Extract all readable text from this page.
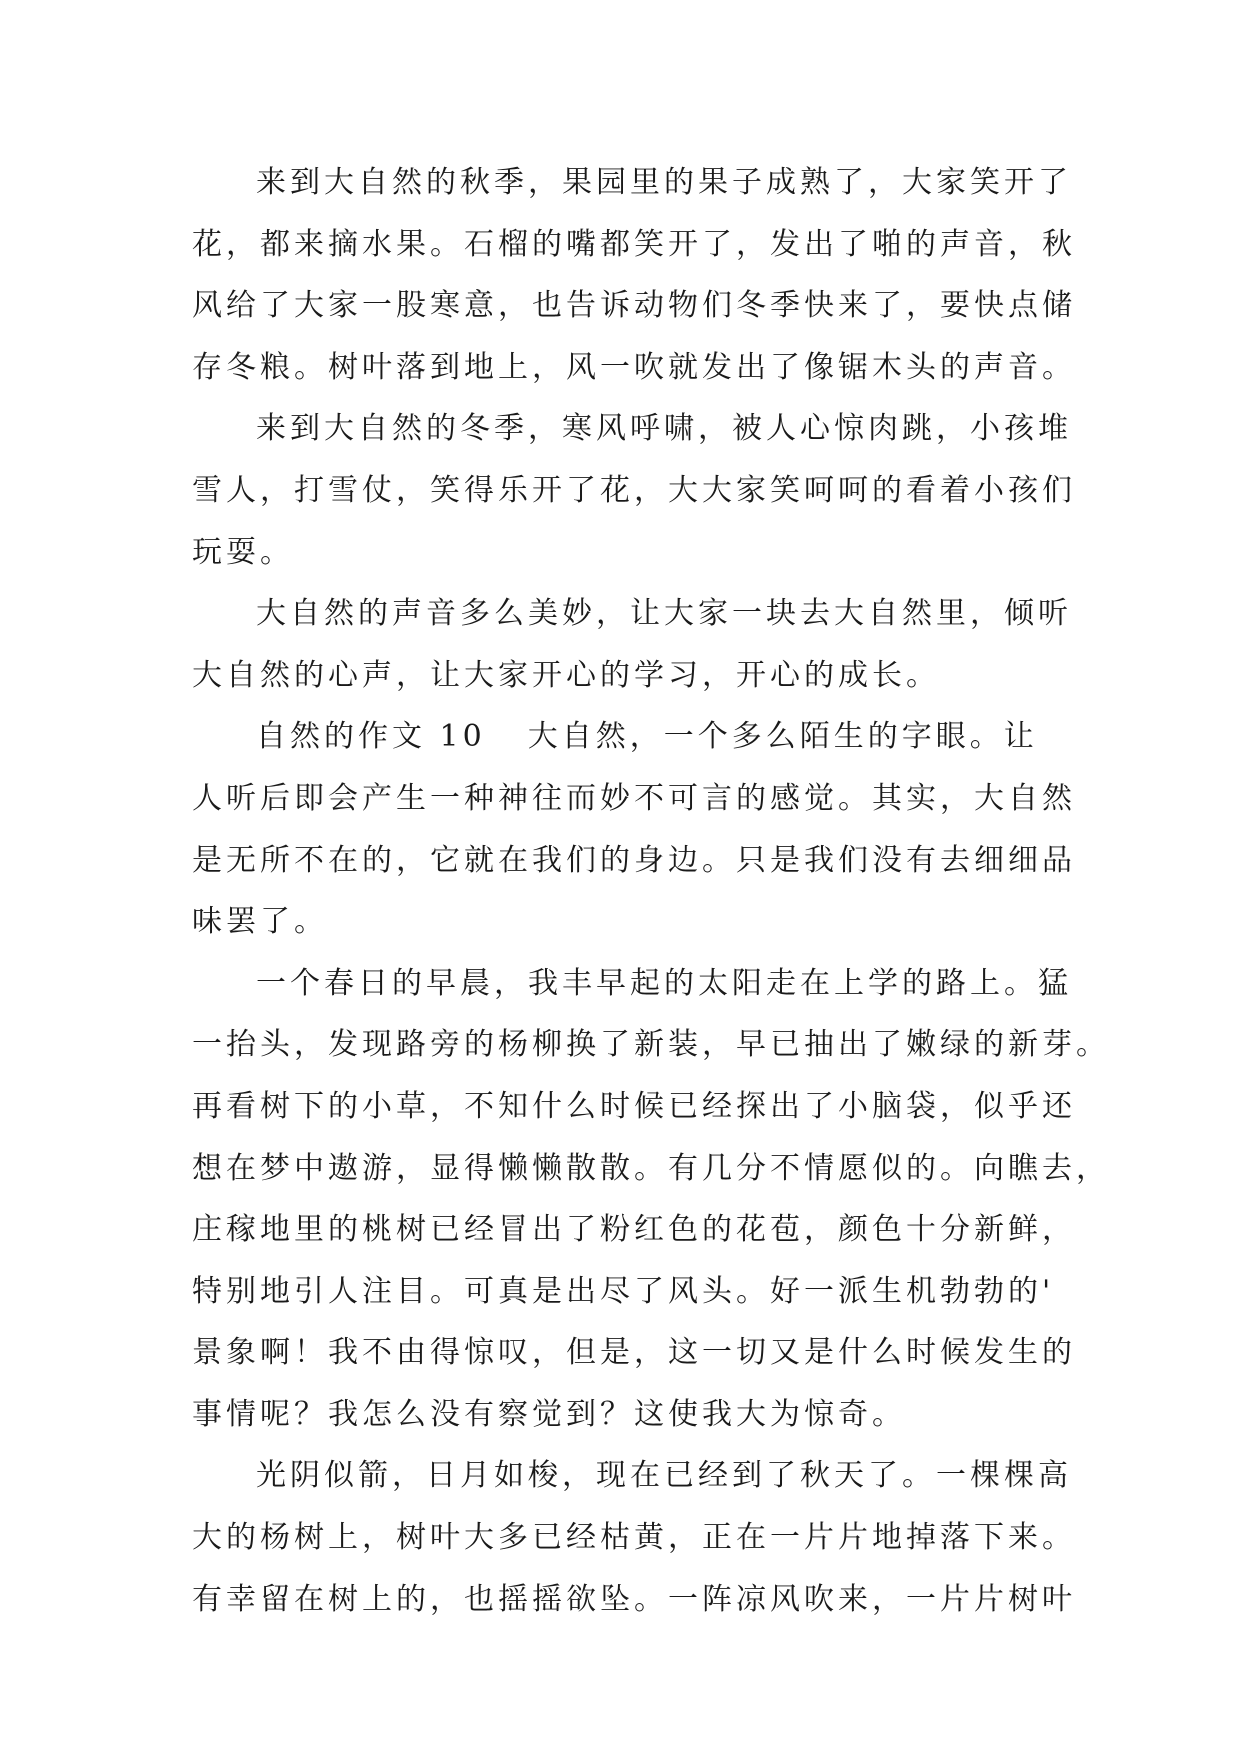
来到大自然的秋季，果园里的果子成熟了，大家笑开了
花，都来摘水果。石榴的嘴都笑开了，发出了啪的声音，秋
风给了大家一股寒意，也告诉动物们冬季快来了，要快点储
存冬粮。树叶落到地上，风一吹就发出了像锯木头的声音。
来到大自然的冬季，寒风呼啸，被人心惊肉跳，小孩堆
雪人，打雪仗，笑得乐开了花，大大家笑呵呵的看着小孩们
玩耍。
大自然的声音多么美妙，让大家一块去大自然里，倾听
大自然的心声，让大家开心的学习，开心的成长。
自然的作文 10 大自然，一个多么陌生的字眼。让
人听后即会产生一种神往而妙不可言的感觉。其实，大自然
是无所不在的，它就在我们的身边。只是我们没有去细细品
味罢了。
一个春日的早晨，我丰早起的太阳走在上学的路上。猛
一抬头，发现路旁的杨柳换了新装，早已抽出了嫩绿的新芽。
再看树下的小草，不知什么时候已经探出了小脑袋，似乎还
想在梦中遨游，显得懒懒散散。有几分不情愿似的。向瞧去，
庄稼地里的桃树已经冒出了粉红色的花苞，颜色十分新鲜，
特别地引人注目。可真是出尽了风头。好一派生机勃勃的'
景象啊！我不由得惊叹，但是，这一切又是什么时候发生的
事情呢？我怎么没有察觉到？这使我大为惊奇。
光阴似箭，日月如梭，现在已经到了秋天了。一棵棵高
大的杨树上，树叶大多已经枯黄，正在一片片地掉落下来。
有幸留在树上的，也摇摇欲坠。一阵凉风吹来，一片片树叶
